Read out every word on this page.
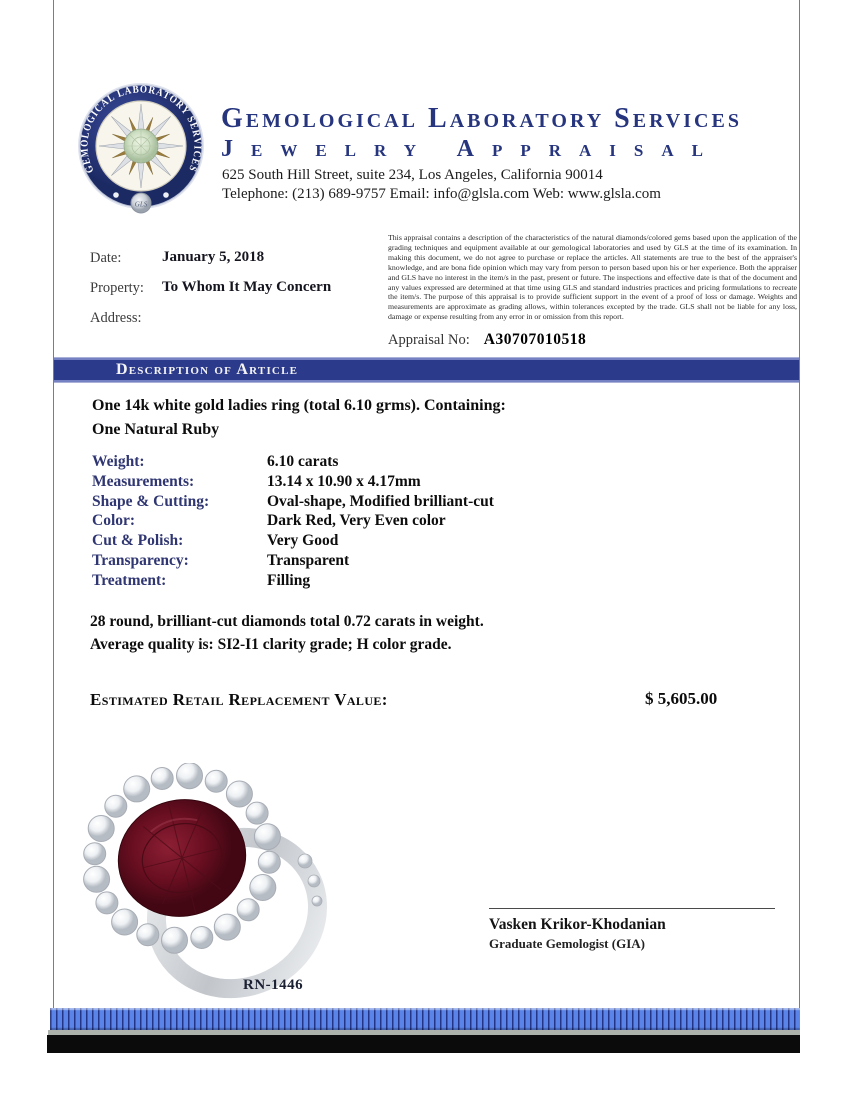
GEMOLOGICAL LABORATORY SERVICES
GLS
Gemological Laboratory Services
Jewelry Appraisal
625 South Hill Street, suite 234, Los Angeles, California 90014
Telephone: (213) 689-9757 Email: info@glsla.com Web: www.glsla.com
Date:	January 5, 2018
Property: To Whom It May Concern
Address:
This appraisal contains a description of the characteristics of the natural diamonds/colored gems based upon the application of the grading techniques and equipment available at our gemological laboratories and used by GLS at the time of its examination. In making this document, we do not agree to purchase or replace the articles. All statements are true to the best of the appraiser's knowledge, and are bona fide opinion which may vary from person to person based upon his or her experience. Both the appraiser and GLS have no interest in the item/s in the past, present or future. The inspections and effective date is that of the document and any values expressed are determined at that time using GLS and standard industries practices and pricing formulations to recreate the item/s. The purpose of this appraisal is to provide sufficient support in the event of a proof of loss or damage. Weights and measurements are approximate as grading allows, within tolerances excepted by the trade. GLS shall not be liable for any loss, damage or expense resulting from any error in or omission from this report.
Appraisal No: A30707010518
Description of Article
One 14k white gold ladies ring (total 6.10 grms). Containing:
One Natural Ruby
Weight:	6.10 carats
Measurements:	13.14 x 10.90 x 4.17mm
Shape & Cutting:	Oval-shape, Modified brilliant-cut
Color:	Dark Red, Very Even color
Cut & Polish:	Very Good
Transparency:	Transparent
Treatment:	Filling
28 round, brilliant-cut diamonds total 0.72 carats in weight.
Average quality is: SI2-I1 clarity grade; H color grade.
Estimated Retail Replacement Value:	$ 5,605.00
RN-1446
Vasken Krikor-Khodanian
Graduate Gemologist (GIA)
